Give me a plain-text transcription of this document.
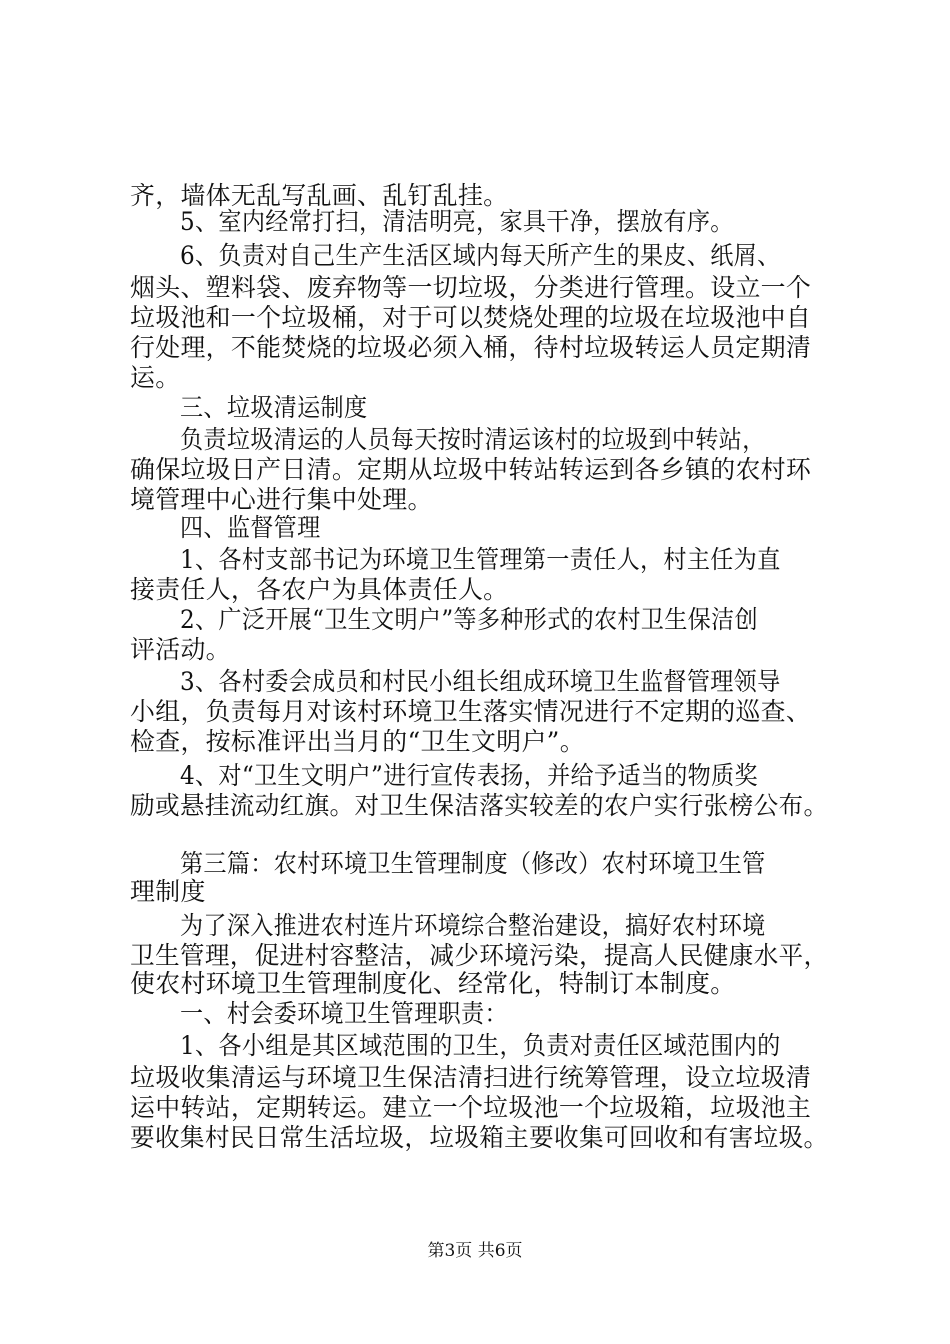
齐，墙体无乱写乱画、乱钉乱挂。
5、室内经常打扫，清洁明亮，家具干净，摆放有序。
6、负责对自己生产生活区域内每天所产生的果皮、纸屑、
烟头、塑料袋、废弃物等一切垃圾，分类进行管理。设立一个
垃圾池和一个垃圾桶，对于可以焚烧处理的垃圾在垃圾池中自
行处理，不能焚烧的垃圾必须入桶，待村垃圾转运人员定期清
运。
三、垃圾清运制度
负责垃圾清运的人员每天按时清运该村的垃圾到中转站，
确保垃圾日产日清。定期从垃圾中转站转运到各乡镇的农村环
境管理中心进行集中处理。
四、监督管理
1、各村支部书记为环境卫生管理第一责任人，村主任为直
接责任人，各农户为具体责任人。
2、广泛开展“卫生文明户”等多种形式的农村卫生保洁创
评活动。
3、各村委会成员和村民小组长组成环境卫生监督管理领导
小组，负责每月对该村环境卫生落实情况进行不定期的巡查、
检查，按标准评出当月的“卫生文明户”。
4、对“卫生文明户”进行宣传表扬，并给予适当的物质奖
励或悬挂流动红旗。对卫生保洁落实较差的农户实行张榜公布。
第三篇：农村环境卫生管理制度（修改）农村环境卫生管
理制度
为了深入推进农村连片环境综合整治建设，搞好农村环境
卫生管理，促进村容整洁，减少环境污染，提高人民健康水平，
使农村环境卫生管理制度化、经常化，特制订本制度。
一、村会委环境卫生管理职责：
1、各小组是其区域范围的卫生，负责对责任区域范围内的
垃圾收集清运与环境卫生保洁清扫进行统筹管理，设立垃圾清
运中转站，定期转运。建立一个垃圾池一个垃圾箱，垃圾池主
要收集村民日常生活垃圾，垃圾箱主要收集可回收和有害垃圾。
第3页 共6页
